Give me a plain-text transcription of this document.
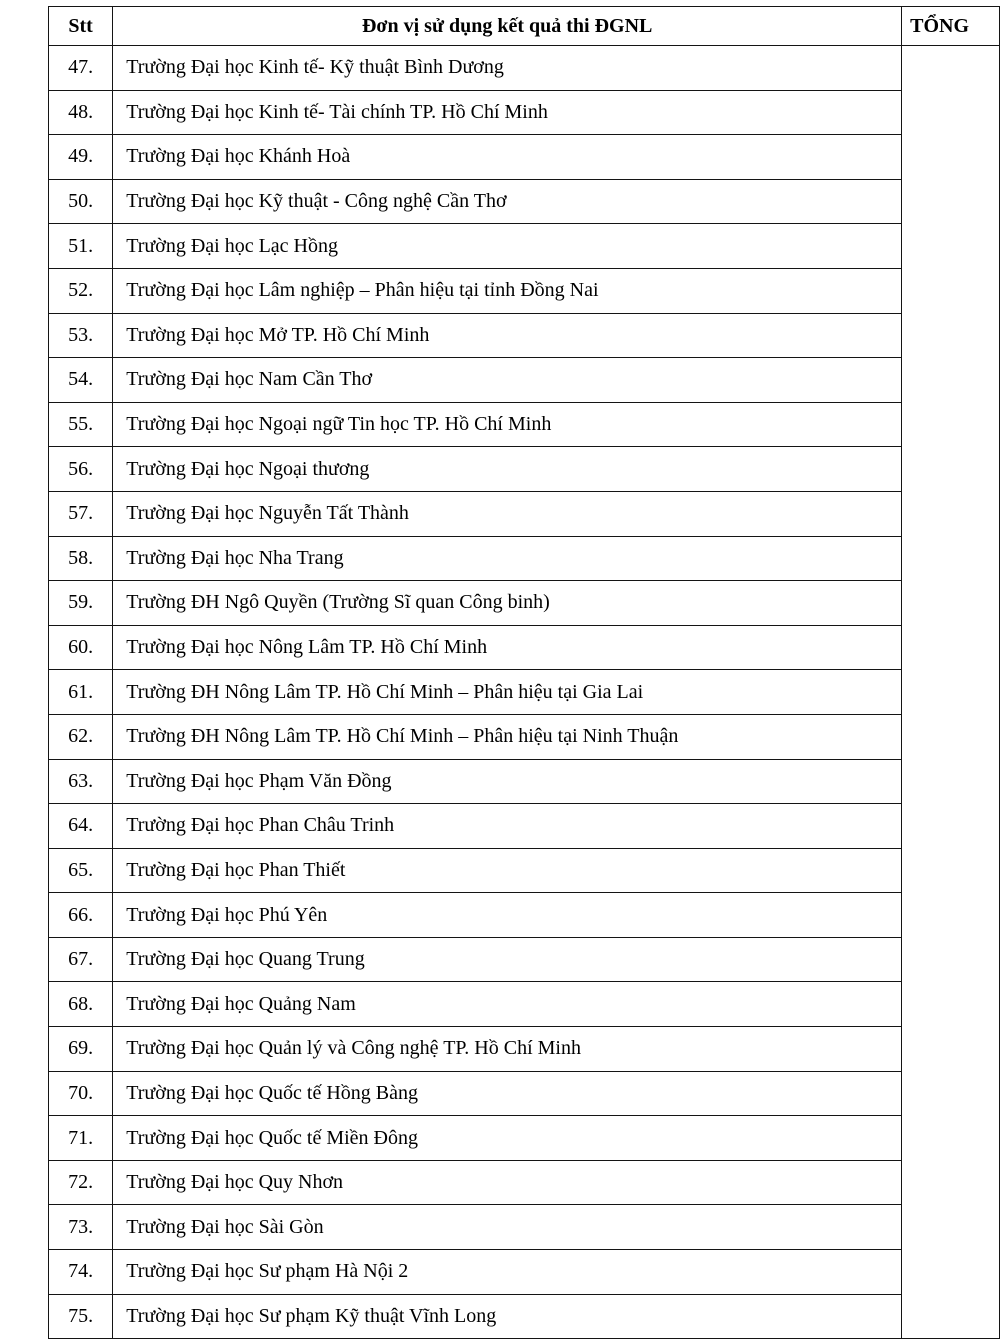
Stt	Đơn vị sử dụng kết quả thi ĐGNL	TỔNG
47.	Trường Đại học Kinh tế- Kỹ thuật Bình Dương	
48.	Trường Đại học Kinh tế- Tài chính TP. Hồ Chí Minh	
49.	Trường Đại học Khánh Hoà	
50.	Trường Đại học Kỹ thuật - Công nghệ Cần Thơ	
51.	Trường Đại học Lạc Hồng	
52.	Trường Đại học Lâm nghiệp – Phân hiệu tại tỉnh Đồng Nai	
53.	Trường Đại học Mở TP. Hồ Chí Minh	
54.	Trường Đại học Nam Cần Thơ	
55.	Trường Đại học Ngoại ngữ Tin học TP. Hồ Chí Minh	
56.	Trường Đại học Ngoại thương	
57.	Trường Đại học Nguyễn Tất Thành	
58.	Trường Đại học Nha Trang	
59.	Trường ĐH Ngô Quyền (Trường Sĩ quan Công binh)	
60.	Trường Đại học Nông Lâm TP. Hồ Chí Minh	
61.	Trường ĐH Nông Lâm TP. Hồ Chí Minh – Phân hiệu tại Gia Lai	
62.	Trường ĐH Nông Lâm TP. Hồ Chí Minh – Phân hiệu tại Ninh Thuận	
63.	Trường Đại học Phạm Văn Đồng	
64.	Trường Đại học Phan Châu Trinh	
65.	Trường Đại học Phan Thiết	
66.	Trường Đại học Phú Yên	
67.	Trường Đại học Quang Trung	
68.	Trường Đại học Quảng Nam	
69.	Trường Đại học Quản lý và Công nghệ TP. Hồ Chí Minh	
70.	Trường Đại học Quốc tế Hồng Bàng	
71.	Trường Đại học Quốc tế Miền Đông	
72.	Trường Đại học Quy Nhơn	
73.	Trường Đại học Sài Gòn	
74.	Trường Đại học Sư phạm Hà Nội 2	
75.	Trường Đại học Sư phạm Kỹ thuật Vĩnh Long	
